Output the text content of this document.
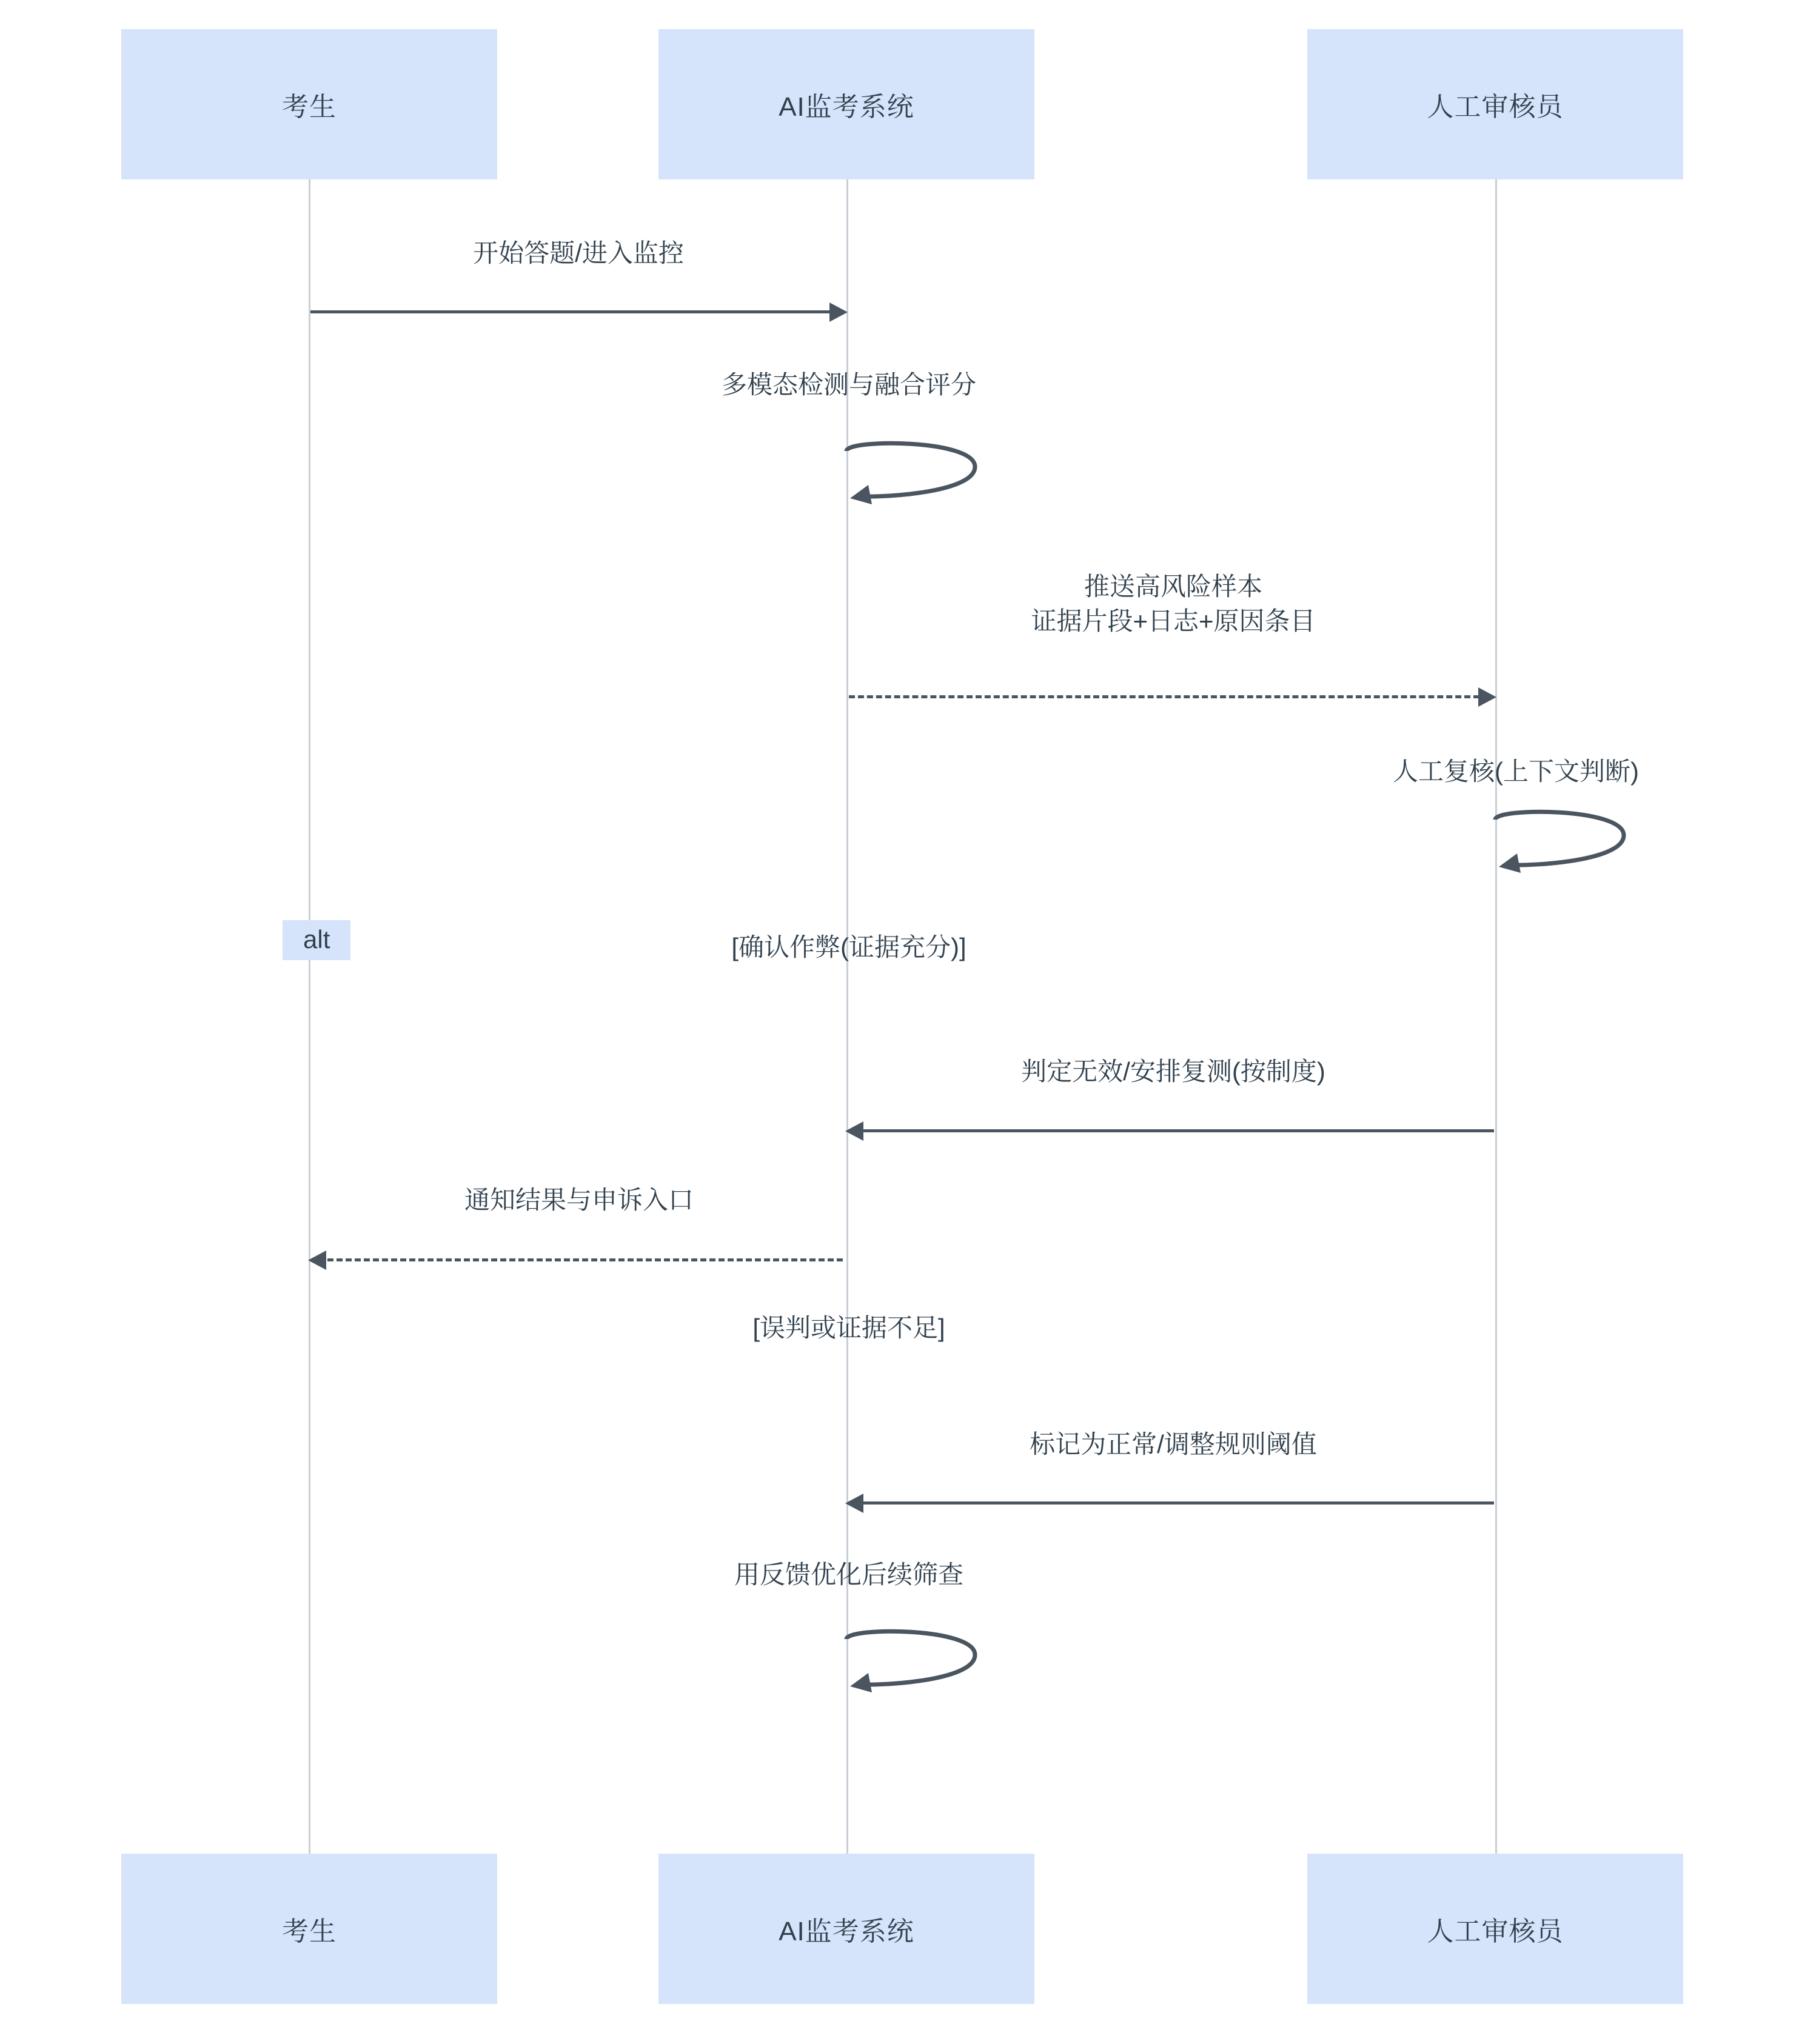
考生	AI监考系统	人工审核员
开始答题/进入监控
多模态检测与融合评分
推送高风险样本
证据片段+日志+原因条目
人工复核(上下文判断)
alt	[确认作弊(证据充分)]
判定无效/安排复测(按制度)
通知结果与申诉入口
[误判或证据不足]
标记为正常/调整规则阈值
用反馈优化后续筛查
考生	AI监考系统	人工审核员
